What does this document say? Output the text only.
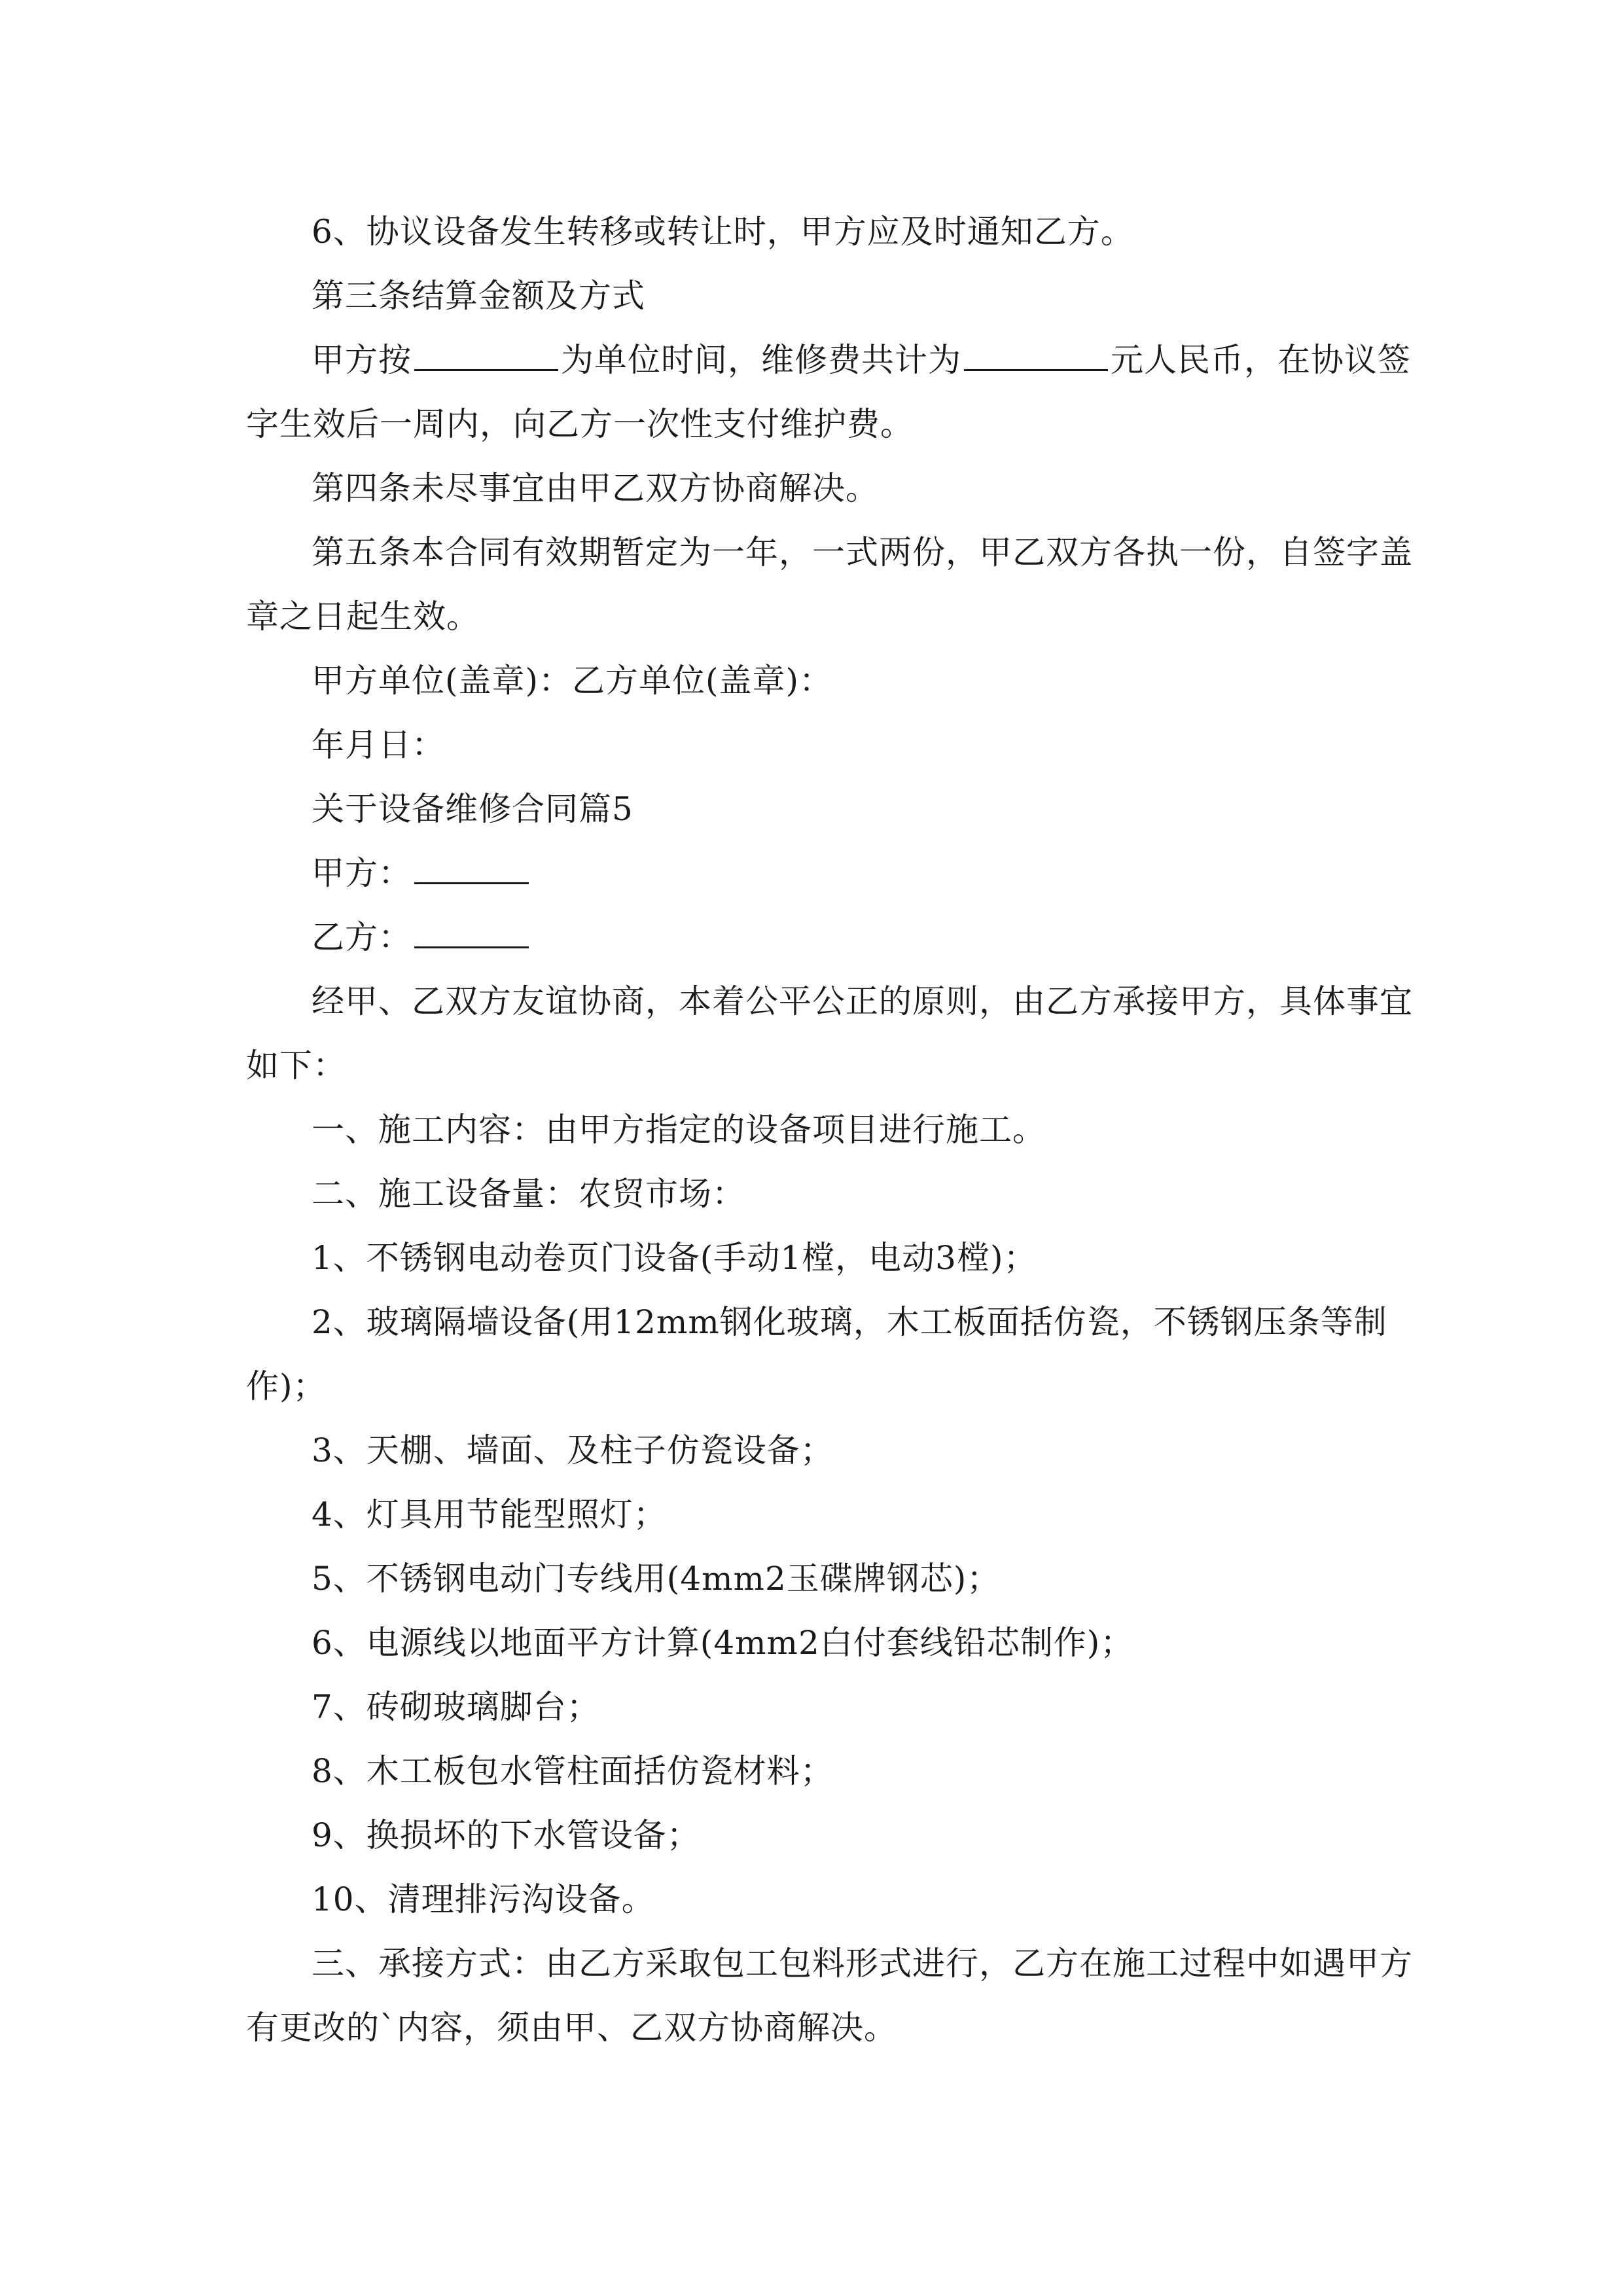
6、协议设备发生转移或转让时，甲方应及时通知乙方。
第三条结算金额及方式
甲方按	为单位时间，维修费共计为	元人民币，在协议签
字生效后一周内，向乙方一次性支付维护费。
第四条未尽事宜由甲乙双方协商解决。
第五条本合同有效期暂定为一年，一式两份，甲乙双方各执一份，自签字盖
章之日起生效。
甲方单位(盖章)：乙方单位(盖章)：
年月日：
关于设备维修合同篇5
甲方：
乙方：
经甲、乙双方友谊协商，本着公平公正的原则，由乙方承接甲方，具体事宜
如下：
一、施工内容：由甲方指定的设备项目进行施工。
二、施工设备量：农贸市场：
1、不锈钢电动卷页门设备(手动1樘，电动3樘)；
2、玻璃隔墙设备(用12mm钢化玻璃，木工板面括仿瓷，不锈钢压条等制
作)；
3、天棚、墙面、及柱子仿瓷设备；
4、灯具用节能型照灯；
5、不锈钢电动门专线用(4mm2玉碟牌钢芯)；
6、电源线以地面平方计算(4mm2白付套线铅芯制作)；
7、砖砌玻璃脚台；
8、木工板包水管柱面括仿瓷材料；
9、换损坏的下水管设备；
10、清理排污沟设备。
三、承接方式：由乙方采取包工包料形式进行，乙方在施工过程中如遇甲方
有更改的`内容，须由甲、乙双方协商解决。
